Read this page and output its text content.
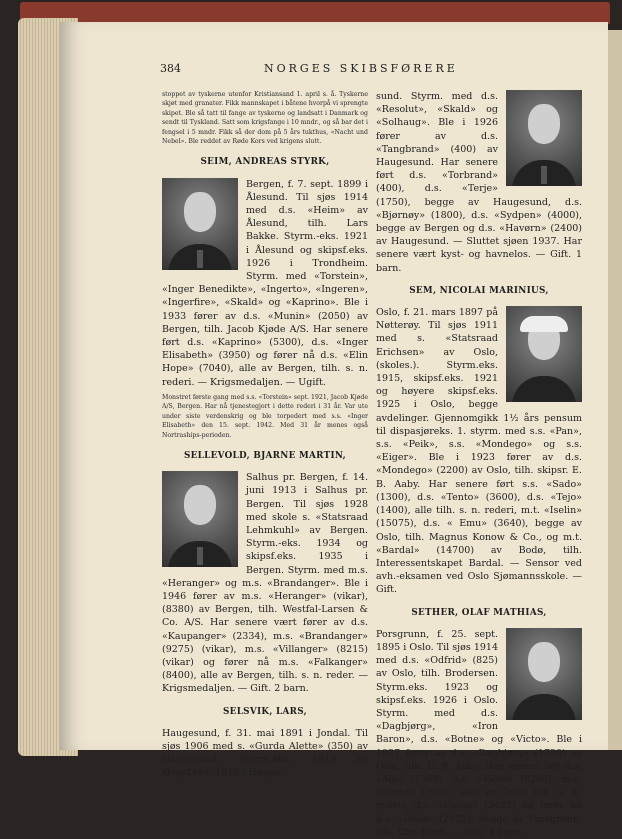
384	NORGES SKIBSFØRERE
stoppet av tyskerne utenfor Kristiansand 1. april s. å. Tyskerne skjøt med granater. Fikk mannskapet i båtene hvorpå vi sprengte skipet. Ble så tatt til fange av tyskerne og landsatt i Danmark og sendt til Tyskland. Satt som krigsfange i 10 mndr., og så bar det i fengsel i 5 mndr. Fikk så der dom på 5 års tukthus, «Nacht und Nebel». Ble reddet av Røde Kors ved krigens slutt.
SEIM, ANDREAS STYRK,
Bergen, f. 7. sept. 1899 i Ålesund. Til sjøs 1914 med d.s. «Heim» av Ålesund, tilh. Lars Bakke. Styrm.-eks. 1921 i Ålesund og skipsf.eks. 1926 i Trondheim. Styrm. med «Torstein», «Inger Benedikte», «Ingerto», «Ingeren», «Ingerfire», «Skald» og «Kaprino». Ble i 1933 fører av d.s. «Munin» (2050) av Bergen, tilh. Jacob Kjøde A/S. Har senere ført d.s. «Kaprino» (5300), d.s. «Inger Elisabeth» (3950) og fører nå d.s. «Elin Hope» (7040), alle av Bergen, tilh. s. n. rederi. — Krigsmedaljen. — Ugift.
Monstret første gang med s.s. «Torstein» sept. 1921, Jacob Kjøde A/S, Bergen. Har nå tjenestegjort i dette rederi i 31 år. Var ute under siste verdenskrig og ble torpedert med s.s. «Inger Elisabeth» den 15. sept. 1942. Med 31 år menes også Nortraships-perioden.
SELLEVOLD, BJARNE MARTIN,
Salhus pr. Bergen, f. 14. juni 1913 i Salhus pr. Bergen. Til sjøs 1928 med skole s. «Statsraad Lehmkuhl» av Bergen. Styrm.-eks. 1934 og skipsf.eks. 1935 i Bergen. Styrm. med m.s. «Heranger» og m.s. «Brandanger». Ble i 1946 fører av m.s. «Heranger» (vikar), (8380) av Bergen, tilh. Westfal-Larsen & Co. A/S. Har senere vært fører av d.s. «Kaupanger» (2334), m.s. «Brandanger» (9275) (vikar), m.s. «Villanger» (8215) (vikar) og fører nå m.s. «Falkanger» (8400), alle av Bergen, tilh. s. n. reder. — Krigsmedaljen. — Gift. 2 barn.
SELSVIK, LARS,
Haugesund, f. 31. mai 1891 i Jondal. Til sjøs 1906 med s. «Gurda Alette» (350) av Haugesund. Styrm.eks. 1913 og skipsf.eks. 1915 i Hauge-
sund. Styrm. med d.s. «Resolut», «Skald» og «Solhaug». Ble i 1926 fører av d.s. «Tangbrand» (400) av Haugesund. Har senere ført d.s. «Torbrand» (400), d.s. «Terje» (1750), begge av Haugesund, d.s. «Bjørnøy» (1800), d.s. «Sydpen» (4000), begge av Bergen og d.s. «Havørn» (2400) av Haugesund. — Sluttet sjøen 1937. Har senere vært kyst- og havnelos. — Gift. 1 barn.
SEM, NICOLAI MARINIUS,
Oslo, f. 21. mars 1897 på Nøtterøy. Til sjøs 1911 med s. «Statsraad Erichsen» av Oslo, (skoles.). Styrm.eks. 1915, skipsf.eks. 1921 og høyere skipsf.eks. 1925 i Oslo, begge avdelinger. Gjennomgikk 1½ års pensum til dispasjøreks. 1. styrm. med s.s. «Pan», s.s. «Peik», s.s. «Mondego» og s.s. «Eiger». Ble i 1923 fører av d.s. «Mondego» (2200) av Oslo, tilh. skipsr. E. B. Aaby. Har senere ført s.s. «Sado» (1300), d.s. «Tento» (3600), d.s. «Tejo» (1400), alle tilh. s. n. rederi, m.t. «Iselin» (15075), d.s. « Emu» (3640), begge av Oslo, tilh. Magnus Konow & Co., og m.t. «Bardal» (14700) av Bodø, tilh. Interessentskapet Bardal. — Sensor ved avh.-eksamen ved Oslo Sjømannsskole. — Gift.
SETHER, OLAF MATHIAS,
Porsgrunn, f. 25. sept. 1895 i Oslo. Til sjøs 1914 med d.s. «Odfrid» (825) av Oslo, tilh. Brodersen. Styrm.eks. 1923 og skipsf.eks. 1926 i Oslo. Styrm. med d.s. «Dagbjørg», «Iron Baron», d.s. «Botne» og «Victo». Ble i 1927 fører av d.s. «Dagbjørg» (1720) av Oslo, tilh. E. B. Aaby. Har senere ført d.s. «Ala» (1300), d.s. «Victo» (8200), m.s. «Tento» (7600), alle av Oslo, tilh. s. n. rederi, d.s. «Dione» (2425) og fører nå d.s. «Dixie» (2425), begge av Porsgrunn, tilh. Chr. Reim. — Gift. 4 barn.
